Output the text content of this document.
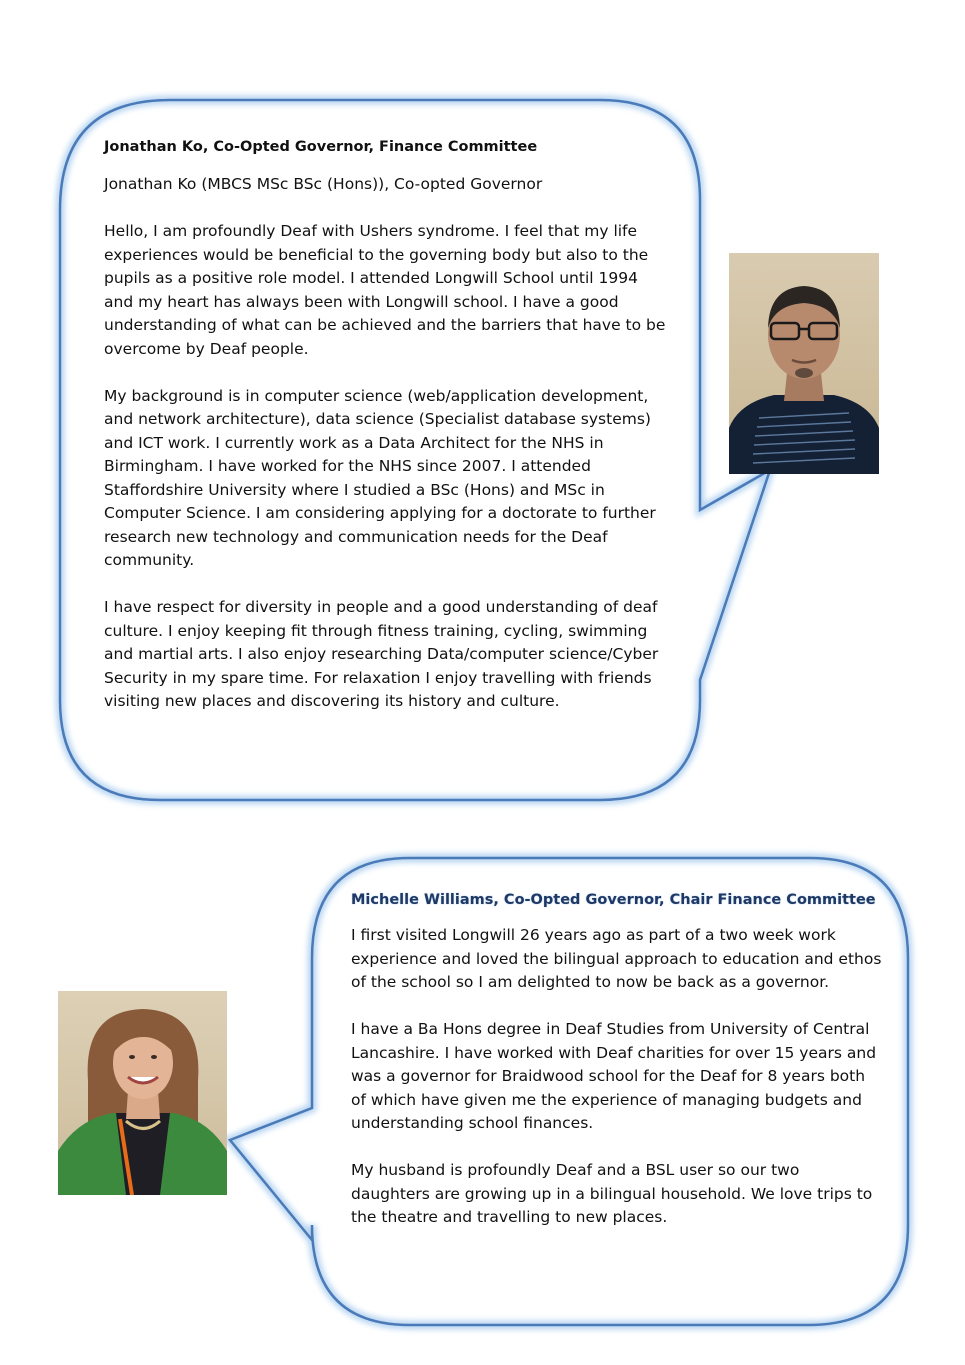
Jonathan Ko, Co-Opted Governor, Finance Committee

Jonathan Ko (MBCS MSc BSc (Hons)), Co-opted Governor

Hello, I am profoundly Deaf with Ushers syndrome. I feel that my life experiences would be beneficial to the governing body but also to the pupils as a positive role model. I attended Longwill School until 1994 and my heart has always been with Longwill school. I have a good understanding of what can be achieved and the barriers that have to be overcome by Deaf people.

My background is in computer science (web/application development, and network architecture), data science (Specialist database systems) and ICT work. I currently work as a Data Architect for the NHS in Birmingham. I have worked for the NHS since 2007. I attended Staffordshire University where I studied a BSc (Hons) and MSc in Computer Science. I am considering applying for a doctorate to further research new technology and communication needs for the Deaf community.

I have respect for diversity in people and a good understanding of deaf culture. I enjoy keeping fit through fitness training, cycling, swimming and martial arts. I also enjoy researching Data/computer science/Cyber Security in my spare time. For relaxation I enjoy travelling with friends visiting new places and discovering its history and culture.

Michelle Williams, Co-Opted Governor, Chair Finance Committee

I first visited Longwill 26 years ago as part of a two week work experience and loved the bilingual approach to education and ethos of the school so I am delighted to now be back as a governor.

I have a Ba Hons degree in Deaf Studies from University of Central Lancashire. I have worked with Deaf charities for over 15 years and was a governor for Braidwood school for the Deaf for 8 years both of which have given me the experience of managing budgets and understanding school finances.

My husband is profoundly Deaf and a BSL user so our two daughters are growing up in a bilingual household. We love trips to the theatre and travelling to new places.
